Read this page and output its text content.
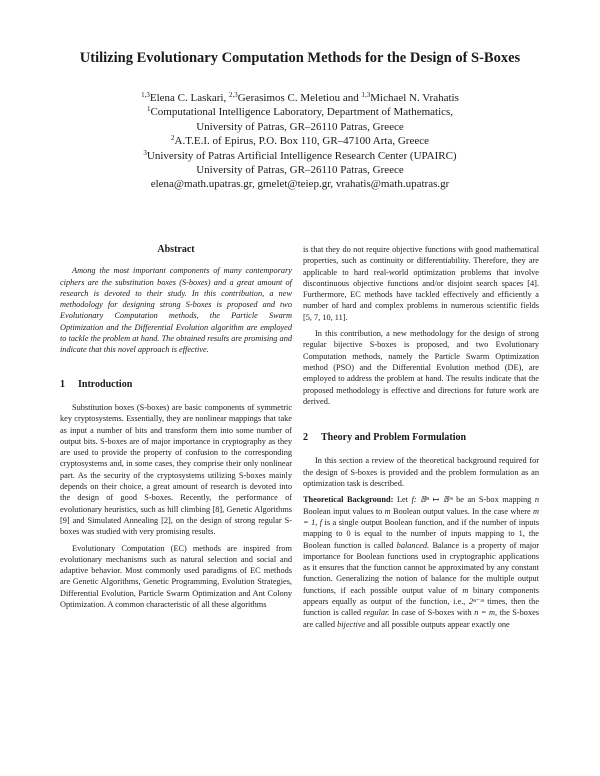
Utilizing Evolutionary Computation Methods for the Design of S-Boxes
$^{1,3}$Elena C. Laskari, $^{2,3}$Gerasimos C. Meletiou and $^{1,3}$Michael N. Vrahatis
$^1$Computational Intelligence Laboratory, Department of Mathematics,
University of Patras, GR–26110 Patras, Greece
$^2$A.T.E.I. of Epirus, P.O. Box 110, GR–47100 Arta, Greece
$^3$University of Patras Artificial Intelligence Research Center (UPAIRC)
University of Patras, GR–26110 Patras, Greece
elena@math.upatras.gr, gmelet@teiep.gr, vrahatis@math.upatras.gr
Abstract

Among the most important components of many contemporary ciphers are the substitution boxes (S-boxes) and a great amount of research is devoted to their study. In this contribution, a new methodology for designing strong S-boxes is proposed and two Evolutionary Computation methods, the Particle Swarm Optimization and the Differential Evolution algorithm are employed to tackle the problem at hand. The obtained results are promising and indicate that this novel approach is effective.

1 Introduction

Substitution boxes (S-boxes) are basic components of symmetric key cryptosystems. Essentially, they are nonlinear mappings that take as input a number of bits and transform them into some number of output bits. S-boxes are of major importance in cryptography as they are used to provide the property of confusion to the corresponding cryptosystems and, in some cases, they comprise their only nonlinear part. As the security of the cryptosystems utilizing S-boxes mainly depends on their choice, a great amount of research is devoted into the design of good S-boxes. Recently, the performance of evolutionary heuristics, such as hill climbing [8], Genetic Algorithms [9] and Simulated Annealing [2], on the design of strong regular S-boxes was studied with very promising results.

Evolutionary Computation (EC) methods are inspired from evolutionary mechanisms such as natural selection and social and adaptive behavior. Most commonly used paradigms of EC methods are Genetic Algorithms, Genetic Programming, Evolution Strategies, Differential Evolution, Particle Swarm Optimization and Ant Colony Optimization. A common characteristic of all these algorithms

is that they do not require objective functions with good mathematical properties, such as continuity or differentiability. Therefore, they are applicable to hard real-world optimization problems that involve discontinuous objective functions and/or disjoint search spaces [4]. Furthermore, EC methods have tackled effectively and efficiently a number of hard and complex problems in numerous scientific fields [5, 7, 10, 11].

In this contribution, a new methodology for the design of strong regular bijective S-boxes is proposed, and two Evolutionary Computation methods, namely the Particle Swarm Optimization method (PSO) and the Differential Evolution method (DE), are employed to address the problem at hand. The results indicate that the proposed methodology is effective and directions for future work are derived.

2 Theory and Problem Formulation

In this section a review of the theoretical background required for the design of S-boxes is provided and the problem formulation as an optimization task is described.

Theoretical Background: Let f: 𝔹ⁿ ↦ 𝔹ᵐ be an S-box mapping n Boolean input values to m Boolean output values. In the case where m = 1, f is a single output Boolean function, and if the number of inputs mapping to 0 is equal to the number of inputs mapping to 1, the Boolean function is called balanced. Balance is a property of major importance for Boolean functions used in cryptographic applications as it ensures that the function cannot be approximated by any constant function. Generalizing the notion of balance for the multiple output functions, if each possible output value of m binary components appears equally as output of the function, i.e., 2ⁿ⁻ᵐ times, then the function is called regular. In case of S-boxes with n = m, the S-boxes are called bijective and all possible outputs appear exactly one
